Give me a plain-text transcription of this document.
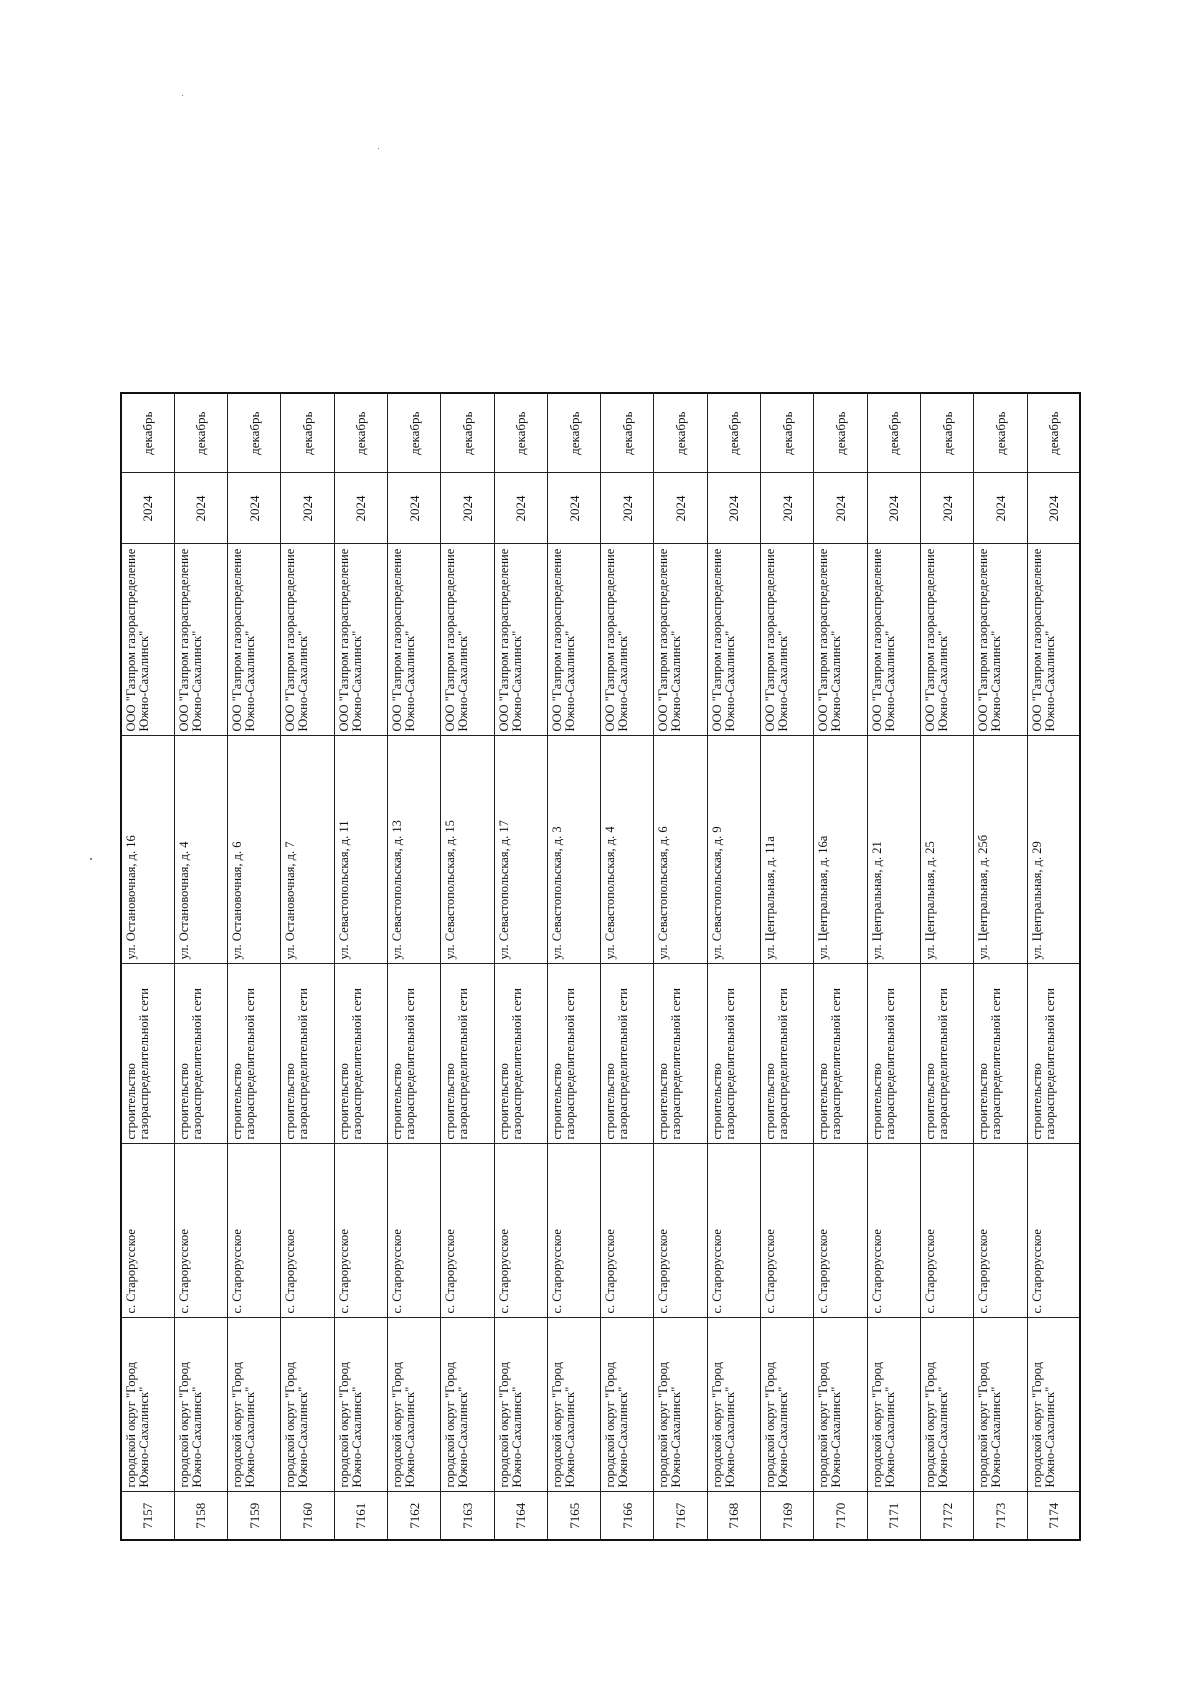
7157	городской округ "Город Южно-Сахалинск"	с. Старорусское	строительство газораспределительной сети	ул. Остановочная, д. 16	ООО "Газпром газораспределение Южно-Сахалинск"	2024	декабрь
7158	городской округ "Город Южно-Сахалинск"	с. Старорусское	строительство газораспределительной сети	ул. Остановочная, д. 4	ООО "Газпром газораспределение Южно-Сахалинск"	2024	декабрь
7159	городской округ "Город Южно-Сахалинск"	с. Старорусское	строительство газораспределительной сети	ул. Остановочная, д. 6	ООО "Газпром газораспределение Южно-Сахалинск"	2024	декабрь
7160	городской округ "Город Южно-Сахалинск"	с. Старорусское	строительство газораспределительной сети	ул. Остановочная, д. 7	ООО "Газпром газораспределение Южно-Сахалинск"	2024	декабрь
7161	городской округ "Город Южно-Сахалинск"	с. Старорусское	строительство газораспределительной сети	ул. Севастопольская, д. 11	ООО "Газпром газораспределение Южно-Сахалинск"	2024	декабрь
7162	городской округ "Город Южно-Сахалинск"	с. Старорусское	строительство газораспределительной сети	ул. Севастопольская, д. 13	ООО "Газпром газораспределение Южно-Сахалинск"	2024	декабрь
7163	городской округ "Город Южно-Сахалинск"	с. Старорусское	строительство газораспределительной сети	ул. Севастопольская, д. 15	ООО "Газпром газораспределение Южно-Сахалинск"	2024	декабрь
7164	городской округ "Город Южно-Сахалинск"	с. Старорусское	строительство газораспределительной сети	ул. Севастопольская, д. 17	ООО "Газпром газораспределение Южно-Сахалинск"	2024	декабрь
7165	городской округ "Город Южно-Сахалинск"	с. Старорусское	строительство газораспределительной сети	ул. Севастопольская, д. 3	ООО "Газпром газораспределение Южно-Сахалинск"	2024	декабрь
7166	городской округ "Город Южно-Сахалинск"	с. Старорусское	строительство газораспределительной сети	ул. Севастопольская, д. 4	ООО "Газпром газораспределение Южно-Сахалинск"	2024	декабрь
7167	городской округ "Город Южно-Сахалинск"	с. Старорусское	строительство газораспределительной сети	ул. Севастопольская, д. 6	ООО "Газпром газораспределение Южно-Сахалинск"	2024	декабрь
7168	городской округ "Город Южно-Сахалинск"	с. Старорусское	строительство газораспределительной сети	ул. Севастопольская, д. 9	ООО "Газпром газораспределение Южно-Сахалинск"	2024	декабрь
7169	городской округ "Город Южно-Сахалинск"	с. Старорусское	строительство газораспределительной сети	ул. Центральная, д. 11а	ООО "Газпром газораспределение Южно-Сахалинск"	2024	декабрь
7170	городской округ "Город Южно-Сахалинск"	с. Старорусское	строительство газораспределительной сети	ул. Центральная, д. 16а	ООО "Газпром газораспределение Южно-Сахалинск"	2024	декабрь
7171	городской округ "Город Южно-Сахалинск"	с. Старорусское	строительство газораспределительной сети	ул. Центральная, д. 21	ООО "Газпром газораспределение Южно-Сахалинск"	2024	декабрь
7172	городской округ "Город Южно-Сахалинск"	с. Старорусское	строительство газораспределительной сети	ул. Центральная, д. 25	ООО "Газпром газораспределение Южно-Сахалинск"	2024	декабрь
7173	городской округ "Город Южно-Сахалинск"	с. Старорусское	строительство газораспределительной сети	ул. Центральная, д. 25б	ООО "Газпром газораспределение Южно-Сахалинск"	2024	декабрь
7174	городской округ "Город Южно-Сахалинск"	с. Старорусское	строительство газораспределительной сети	ул. Центральная, д. 29	ООО "Газпром газораспределение Южно-Сахалинск"	2024	декабрь
